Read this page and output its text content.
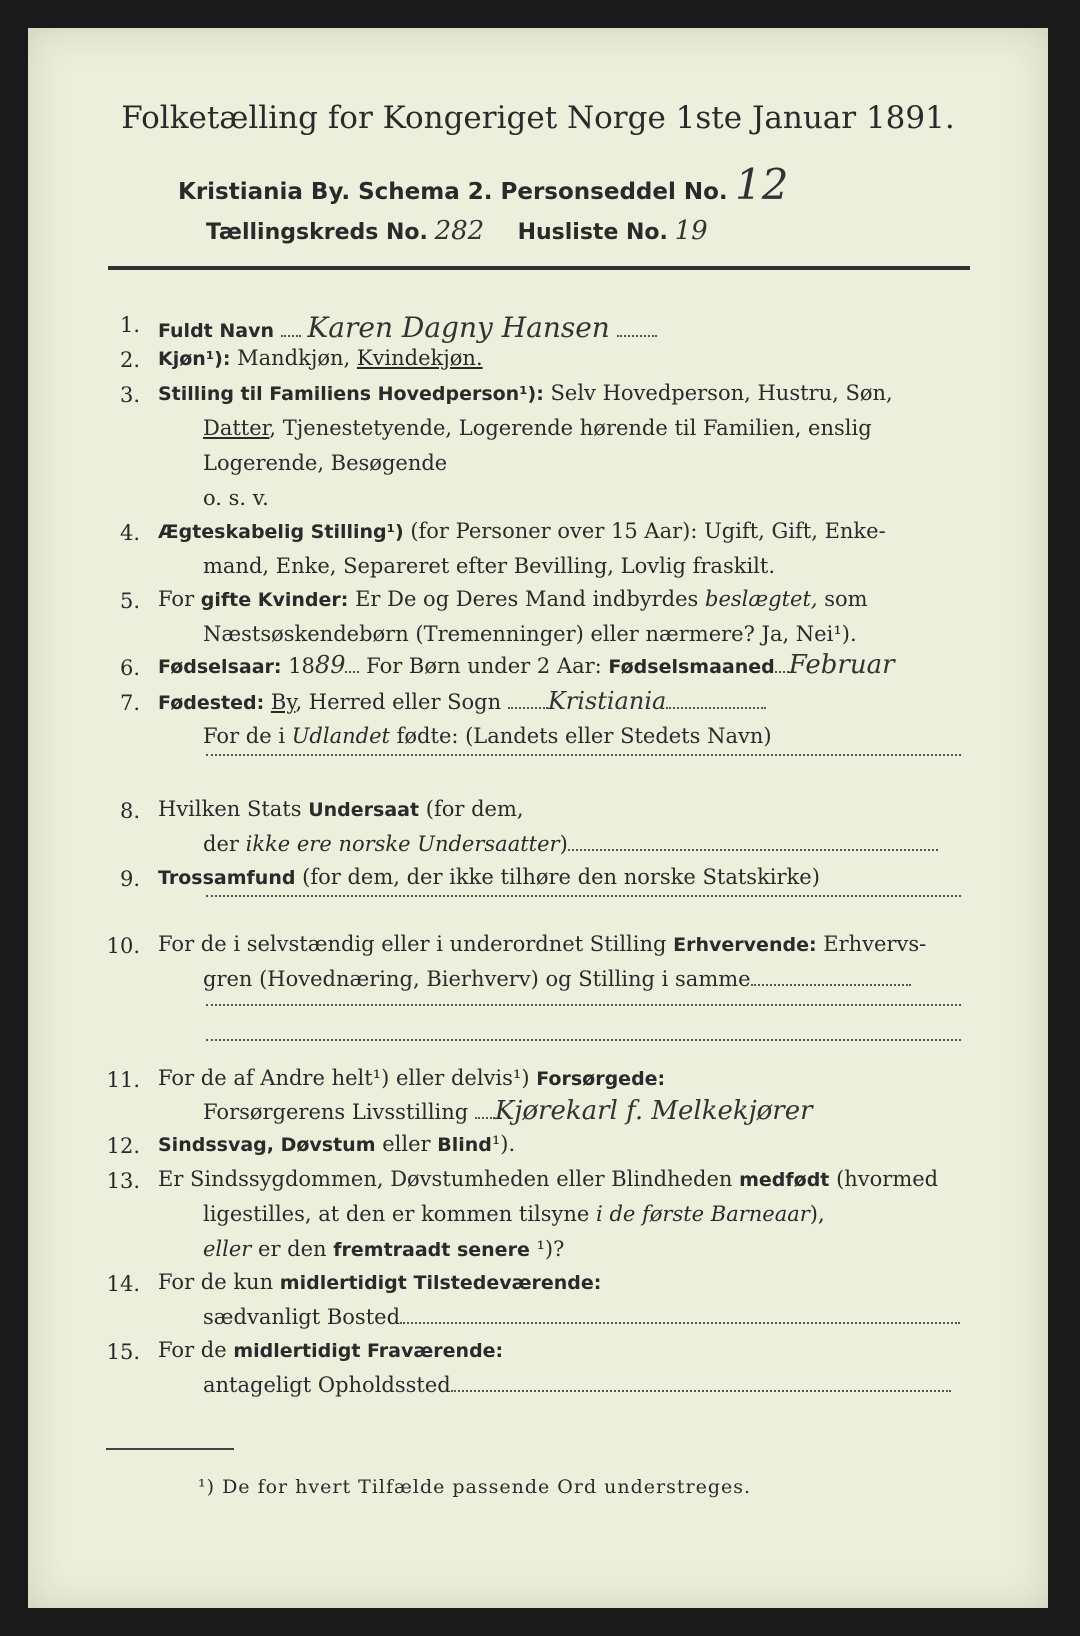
Folketælling for Kongeriget Norge 1ste Januar 1891.
Kristiania By. Schema 2. Personseddel No. 12
Tællingskreds No. 282 Husliste No. 19
1. Fuldt Navn Karen Dagny Hansen
2. Kjøn¹): Mandkjøn, Kvindekjøn.
3. Stilling til Familiens Hovedperson¹): Selv Hovedperson, Hustru, Søn,
Datter, Tjenestetyende, Logerende hørende til Familien, enslig
Logerende, Besøgende
o. s. v.
4. Ægteskabelig Stilling¹) (for Personer over 15 Aar): Ugift, Gift, Enke-
mand, Enke, Separeret efter Bevilling, Lovlig fraskilt.
5. For gifte Kvinder: Er De og Deres Mand indbyrdes beslægtet, som
Næstsøskendebørn (Tremenninger) eller nærmere? Ja, Nei¹).
6. Fødselsaar: 1889 For Børn under 2 Aar: Fødselsmaaned Februar
7. Fødested: By, Herred eller Sogn Kristiania
For de i Udlandet fødte: (Landets eller Stedets Navn)
8. Hvilken Stats Undersaat (for dem,
der ikke ere norske Undersaatter)
9. Trossamfund (for dem, der ikke tilhøre den norske Statskirke)
10. For de i selvstændig eller i underordnet Stilling Erhvervende: Erhvervs-
gren (Hovednæring, Bierhverv) og Stilling i samme
11. For de af Andre helt¹) eller delvis¹) Forsørgede:
Forsørgerens Livsstilling Kjørekarl f. Melkekjører
12. Sindssvag, Døvstum eller Blind¹).
13. Er Sindssygdommen, Døvstumheden eller Blindheden medfødt (hvormed
ligestilles, at den er kommen tilsyne i de første Barneaar),
eller er den fremtraadt senere ¹)?
14. For de kun midlertidigt Tilstedeværende:
sædvanligt Bosted
15. For de midlertidigt Fraværende:
antageligt Opholdssted
¹) De for hvert Tilfælde passende Ord understreges.
